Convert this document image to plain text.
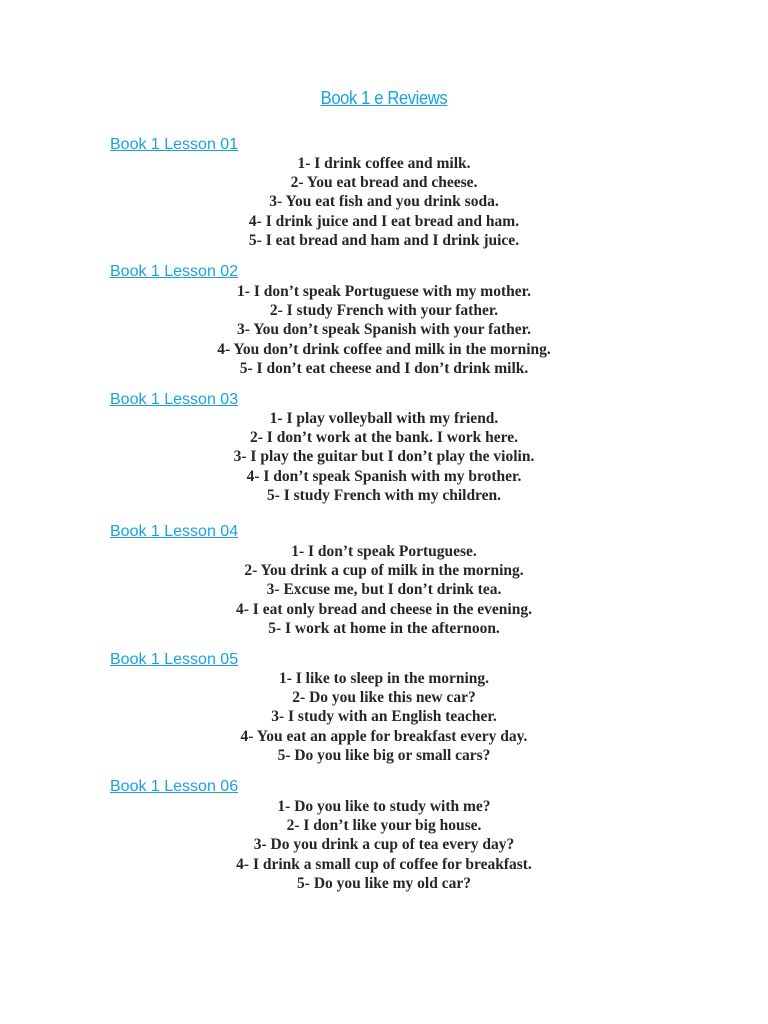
Book 1 e Reviews
Book 1 Lesson 01
1- I drink coffee and milk.
2- You eat bread and cheese.
3- You eat fish and you drink soda.
4- I drink juice and I eat bread and ham.
5- I eat bread and ham and I drink juice.
Book 1 Lesson 02
1- I don’t speak Portuguese with my mother.
2- I study French with your father.
3- You don’t speak Spanish with your father.
4- You don’t drink coffee and milk in the morning.
5- I don’t eat cheese and I don’t drink milk.
Book 1 Lesson 03
1- I play volleyball with my friend.
2- I don’t work at the bank. I work here.
3- I play the guitar but I don’t play the violin.
4- I don’t speak Spanish with my brother.
5- I study French with my children.
Book 1 Lesson 04
1- I don’t speak Portuguese.
2- You drink a cup of milk in the morning.
3- Excuse me, but I don’t drink tea.
4- I eat only bread and cheese in the evening.
5- I work at home in the afternoon.
Book 1 Lesson 05
1- I like to sleep in the morning.
2- Do you like this new car?
3- I study with an English teacher.
4- You eat an apple for breakfast every day.
5- Do you like big or small cars?
Book 1 Lesson 06
1- Do you like to study with me?
2- I don’t like your big house.
3- Do you drink a cup of tea every day?
4- I drink a small cup of coffee for breakfast.
5- Do you like my old car?
